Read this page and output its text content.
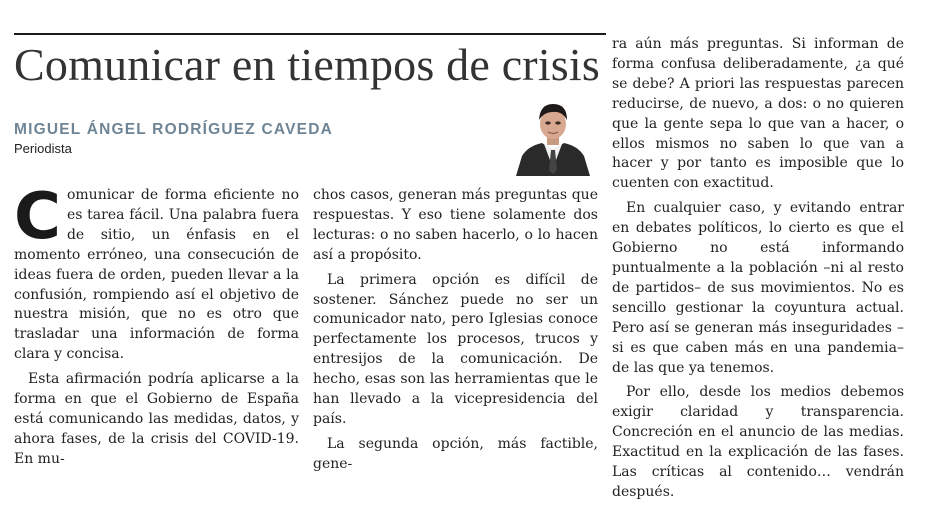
Comunicar en tiempos de crisis
MIGUEL ÁNGEL RODRÍGUEZ CAVEDA
Periodista

Comunicar de forma eficiente no es tarea fácil. Una palabra fuera de sitio, un énfasis en el momento erróneo, una consecución de ideas fuera de orden, pueden llevar a la confusión, rompiendo así el objetivo de nuestra misión, que no es otro que trasladar una información de forma clara y concisa.

Esta afirmación podría aplicarse a la forma en que el Gobierno de España está comunicando las medidas, datos, y ahora fases, de la crisis del COVID-19. En mu-

chos casos, generan más preguntas que respuestas. Y eso tiene solamente dos lecturas: o no saben hacerlo, o lo hacen así a propósito.

La primera opción es difícil de sostener. Sánchez puede no ser un comunicador nato, pero Iglesias conoce perfectamente los procesos, trucos y entresijos de la comunicación. De hecho, esas son las herramientas que le han llevado a la vicepresidencia del país.

La segunda opción, más factible, gene-

ra aún más preguntas. Si informan de forma confusa deliberadamente, ¿a qué se debe? A priori las respuestas parecen reducirse, de nuevo, a dos: o no quieren que la gente sepa lo que van a hacer, o ellos mismos no saben lo que van a hacer y por tanto es imposible que lo cuenten con exactitud.

En cualquier caso, y evitando entrar en debates políticos, lo cierto es que el Gobierno no está informando puntualmente a la población –ni al resto de partidos– de sus movimientos. No es sencillo gestionar la coyuntura actual. Pero así se generan más inseguridades –si es que caben más en una pandemia– de las que ya tenemos.

Por ello, desde los medios debemos exigir claridad y transparencia. Concreción en el anuncio de las medias. Exactitud en la explicación de las fases. Las críticas al contenido… vendrán después.
